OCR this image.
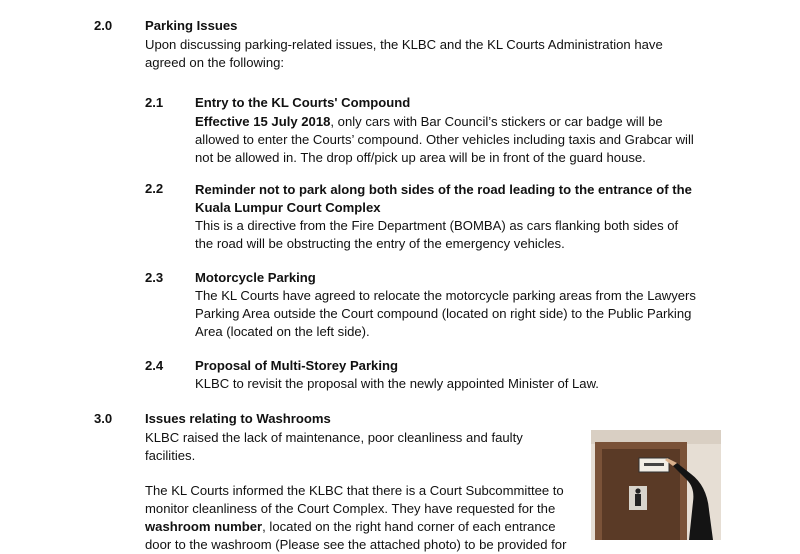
2.0	Parking Issues
Upon discussing parking-related issues, the KLBC and the KL Courts Administration have
agreed on the following:
2.1 Entry to the KL Courts' Compound
Effective 15 July 2018, only cars with Bar Council’s stickers or car badge will be
allowed to enter the Courts’ compound. Other vehicles including taxis and Grabcar will
not be allowed in. The drop off/pick up area will be in front of the guard house.
2.2 Reminder not to park along both sides of the road leading to the entrance of the
Kuala Lumpur Court Complex
This is a directive from the Fire Department (BOMBA) as cars flanking both sides of
the road will be obstructing the entry of the emergency vehicles.
2.3 Motorcycle Parking
The KL Courts have agreed to relocate the motorcycle parking areas from the Lawyers
Parking Area outside the Court compound (located on right side) to the Public Parking
Area (located on the left side).
2.4 Proposal of Multi-Storey Parking
KLBC to revisit the proposal with the newly appointed Minister of Law.
3.0	Issues relating to Washrooms
KLBC raised the lack of maintenance, poor cleanliness and faulty
facilities.
The KL Courts informed the KLBC that there is a Court Subcommittee to
monitor cleanliness of the Court Complex. They have requested for the
washroom number, located on the right hand corner of each entrance
door to the washroom (Please see the attached photo) to be provided for
